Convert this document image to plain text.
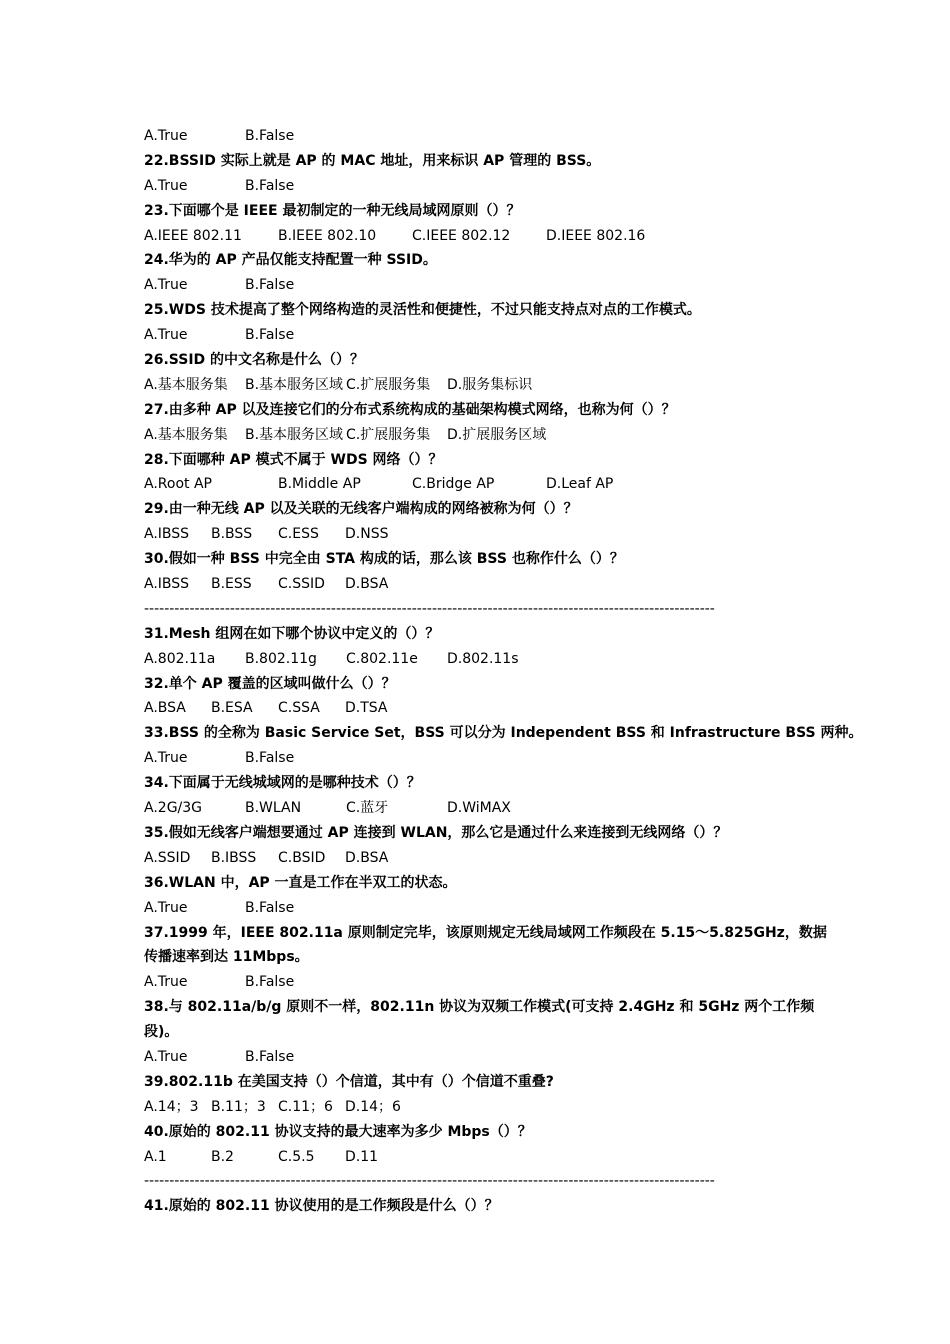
A.True	B.False
22.BSSID 实际上就是 AP 的 MAC 地址，用来标识 AP 管理的 BSS。
A.True	B.False
23.下面哪个是 IEEE 最初制定的一种无线局域网原则（）？
A.IEEE 802.11	B.IEEE 802.10	C.IEEE 802.12	D.IEEE 802.16
24.华为的 AP 产品仅能支持配置一种 SSID。
A.True	B.False
25.WDS 技术提高了整个网络构造的灵活性和便捷性，不过只能支持点对点的工作模式。
A.True	B.False
26.SSID 的中文名称是什么（）？
A.基本服务集	B.基本服务区域 C.扩展服务集	D.服务集标识
27.由多种 AP 以及连接它们的分布式系统构成的基础架构模式网络，也称为何（）？
A.基本服务集	B.基本服务区域 C.扩展服务集	D.扩展服务区域
28.下面哪种 AP 模式不属于 WDS 网络（）？
A.Root AP	B.Middle AP	C.Bridge AP	D.Leaf AP
29.由一种无线 AP 以及关联的无线客户端构成的网络被称为何（）？
A.IBSS	B.BSS	C.ESS	D.NSS
30.假如一种 BSS 中完全由 STA 构成的话，那么该 BSS 也称作什么（）？
A.IBSS	B.ESS	C.SSID	D.BSA
-----------------------------------------------------------------------------------------------------------------
31.Mesh 组网在如下哪个协议中定义的（）？
A.802.11a	B.802.11g	C.802.11e	D.802.11s
32.单个 AP 覆盖的区域叫做什么（）？
A.BSA	B.ESA	C.SSA	D.TSA
33.BSS 的全称为 Basic Service Set，BSS 可以分为 Independent BSS 和 Infrastructure BSS 两种。
A.True	B.False
34.下面属于无线城域网的是哪种技术（）？
A.2G/3G	B.WLAN	C.蓝牙	D.WiMAX
35.假如无线客户端想要通过 AP 连接到 WLAN，那么它是通过什么来连接到无线网络（）？
A.SSID	B.IBSS	C.BSID	D.BSA
36.WLAN 中，AP 一直是工作在半双工的状态。
A.True	B.False
37.1999 年，IEEE 802.11a 原则制定完毕，该原则规定无线局域网工作频段在 5.15～5.825GHz，数据
传播速率到达 11Mbps。
A.True	B.False
38.与 802.11a/b/g 原则不一样，802.11n 协议为双频工作模式(可支持 2.4GHz 和 5GHz 两个工作频
段)。
A.True	B.False
39.802.11b 在美国支持（）个信道，其中有（）个信道不重叠?
A.14；3 B.11；3 C.11；6 D.14；6
40.原始的 802.11 协议支持的最大速率为多少 Mbps（）？
A.1	B.2	C.5.5	D.11
-----------------------------------------------------------------------------------------------------------------
41.原始的 802.11 协议使用的是工作频段是什么（）？
